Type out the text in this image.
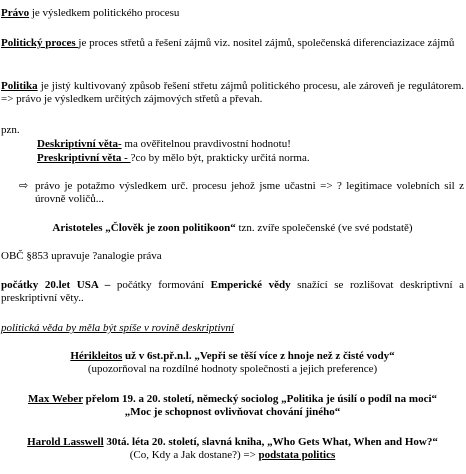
Právo je výsledkem politického procesu

Politický proces je proces střetů a řešení zájmů viz. nositel zájmů, společenská diferenciazizace zájmů

Politika je jistý kultivovaný způsob řešení střetu zájmů politického procesu, ale zároveň je regulátorem. => právo je výsledkem určitých zájmových střetů a převah.

pzn.

Deskriptivní věta- ma ověřitelnou pravdivostní hodnotu!

Preskriptivní věta - ?co by mělo být, prakticky určitá norma.

⇨ právo je potažmo výsledkem urč. procesu jehož jsme učastni => ? legitimace volebních sil z úrovně voličů...

Aristoteles „Člověk je zoon politikoon“ tzn. zvíře společenské (ve své podstatě)

OBČ §853 upravuje ?analogie práva

počátky 20.let USA – počátky formování Emperické vědy snažící se rozlišovat deskriptivní a preskriptivní věty..

politická věda by měla být spíše v rovině deskriptivní

Hérikleitos už v 6st.př.n.l. „Vepři se těší více z hnoje než z čisté vody“

(upozorňoval na rozdílné hodnoty společnosti a jejich preference)

Max Weber přelom 19. a 20. století, německý sociolog „Politika je úsilí o podíl na moci“

„Moc je schopnost ovlivňovat chování jiného“

Harold Lasswell 30tá. léta 20. století, slavná kniha, „Who Gets What, When and How?“

(Co, Kdy a Jak dostane?) => podstata politics
